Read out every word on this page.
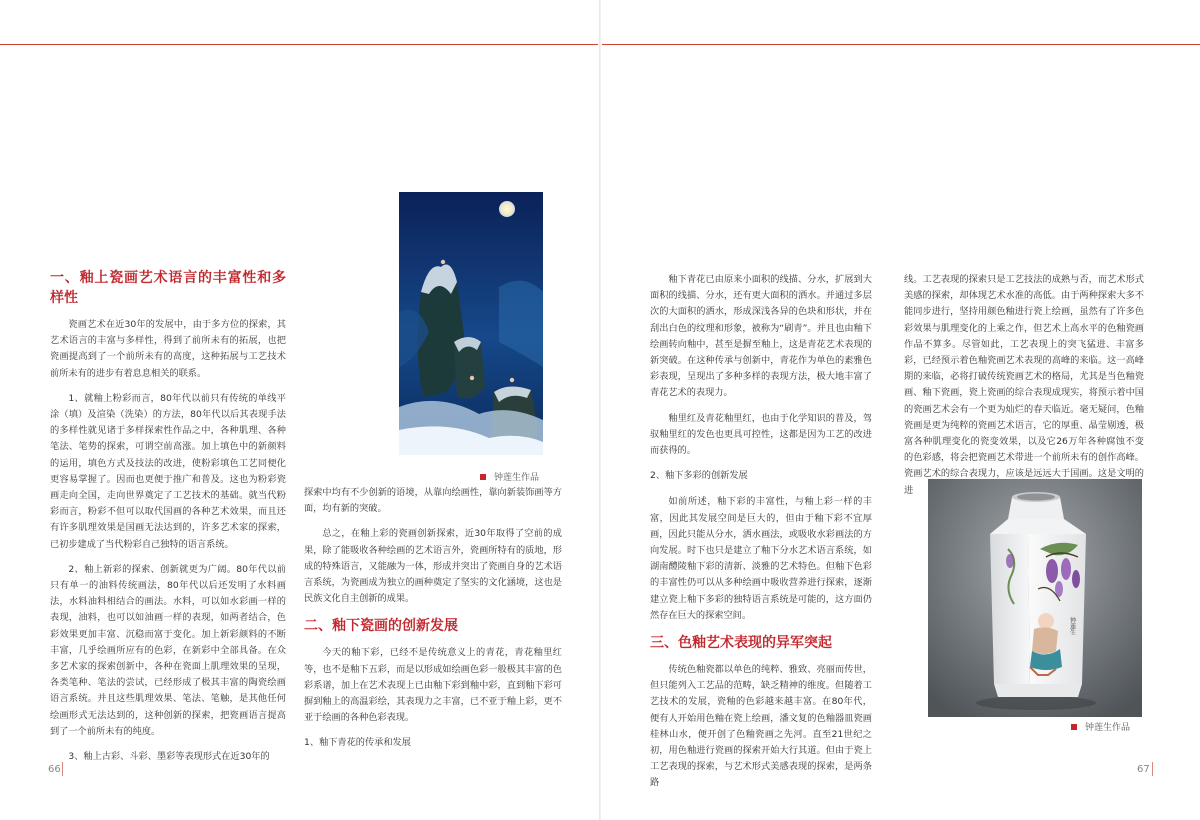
一、釉上瓷画艺术语言的丰富性和多样性

瓷画艺术在近30年的发展中，由于多方位的探索，其艺术语言的丰富与多样性，得到了前所未有的拓展，也把瓷画提高到了一个前所未有的高度，这种拓展与工艺技术前所未有的进步有着息息相关的联系。

1、就釉上粉彩而言，80年代以前只有传统的单线平涂（填）及渲染（洗染）的方法，80年代以后其表现手法的多样性就见诸于多样探索性作品之中，各种肌理、各种笔法、笔势的探索，可谓空前高涨。加上填色中的新颜料的运用，填色方式及技法的改进，使粉彩填色工艺同便化更容易掌握了。因而也更便于推广和普及。这也为粉彩瓷画走向全国，走向世界奠定了工艺技术的基础。就当代粉彩而言，粉彩不但可以取代国画的各种艺术效果，而且还有许多肌理效果是国画无法达到的，许多艺术家的探索，已初步建成了当代粉彩自己独特的语言系统。

2、釉上新彩的探索、创新就更为广阔。80年代以前只有单一的油料传统画法，80年代以后还发明了水料画法，水料油料相结合的画法。水料，可以如水彩画一样的表现，油料，也可以如油画一样的表现，如两者结合，色彩效果更加丰富、沉稳而富于变化。加上新彩颜料的不断丰富，几乎绘画所应有的色彩，在新彩中全部具备。在众多艺术家的探索创新中，各种在瓷面上肌理效果的呈现，各类笔种、笔法的尝试，已经形成了极其丰富的陶瓷绘画语言系统。并且这些肌理效果、笔法、笔触，是其他任何绘画形式无法达到的，这种创新的探索，把瓷画语言提高到了一个前所未有的纯度。

3、釉上古彩、斗彩、墨彩等表现形式在近30年的

钟莲生作品

探索中均有不少创新的语境，从靠向绘画性，靠向新装饰画等方面，均有新的突破。

总之，在釉上彩的瓷画创新探索，近30年取得了空前的成果，除了能吸收各种绘画的艺术语言外，瓷画所特有的质地，形成的特殊语言，又能融为一体，形成并突出了瓷画自身的艺术语言系统，为瓷画成为独立的画种奠定了坚实的文化涵境，这也是民族文化自主创新的成果。

二、釉下瓷画的创新发展

今天的釉下彩，已经不是传统意义上的青花，青花釉里红等，也不是釉下五彩，而是以形成如绘画色彩一般极其丰富的色彩系谱，加上在艺术表现上已由釉下彩到釉中彩，直到釉下彩可摒到釉上的高温彩绘，其表现力之丰富，已不亚于釉上彩，更不亚于绘画的各种色彩表现。

1、釉下青花的传承和发展

66

釉下青花已由原来小面积的线描、分水，扩展到大面积的线描、分水，还有更大面积的洒水。并通过多层次的大面积的洒水，形成深浅各异的色块和形状，并在刮出白色的纹理和形象，被称为“刷青”。并且也由釉下绘画转向釉中，甚至是摒至釉上，这是青花艺术表现的新突破。在这种传承与创新中，青花作为单色的素雅色彩表现，呈现出了多种多样的表现方法，极大地丰富了青花艺术的表现力。

釉里红及青花釉里红，也由于化学知识的普及，驾驭釉里红的发色也更具可控性，这都是因为工艺的改进而获得的。

2、釉下多彩的创新发展

如前所述，釉下彩的丰富性，与釉上彩一样的丰富，因此其发展空间是巨大的，但由于釉下彩不宜厚画，因此只能从分水，洒水画法，或吸收水彩画法的方向发展。时下也只是建立了釉下分水艺术语言系统，如湖南醴陵釉下彩的清新、淡雅的艺术特色。但釉下色彩的丰富性仍可以从多种绘画中吸收营养进行探索，逐渐建立瓷上釉下多彩的独特语言系统是可能的，这方面仍然存在巨大的探索空间。

三、色釉艺术表现的异军突起

传统色釉瓷都以单色的纯粹、雅致、亮丽而传世，但只能列入工艺品的范畴，缺乏精神的维度。但随着工艺技术的发展，瓷釉的色彩越来越丰富。在80年代，便有人开始用色釉在瓷上绘画，潘文复的色釉器皿瓷画桂林山水，便开创了色釉瓷画之先河。直至21世纪之初，用色釉进行瓷画的探索开始大行其道。但由于瓷上工艺表现的探索，与艺术形式美感表现的探索，是两条路

线。工艺表现的探索只是工艺技法的成熟与否，而艺术形式美感的探索，却体现艺术水准的高低。由于两种探索大多不能同步进行，坚持用颜色釉进行瓷上绘画，虽然有了许多色彩效果与肌理变化的上乘之作，但艺术上高水平的色釉瓷画作品不算多。尽管如此，工艺表现上的突飞猛进、丰富多彩，已经预示着色釉瓷画艺术表现的高峰的来临。这一高峰期的来临，必将打破传统瓷画艺术的格局，尤其是当色釉瓷画、釉下瓷画，瓷上瓷画的综合表现成现实，将预示着中国的瓷画艺术会有一个更为灿烂的春天临近。毫无疑问，色釉瓷画是更为纯粹的瓷画艺术语言，它的厚重、晶莹剔透，极富各种肌理变化的瓷变效果，以及它26万年各种腐蚀不变的色彩感，将会把瓷画艺术带进一个前所未有的创作高峰。瓷画艺术的综合表现力，应该是远远大于国画。这是文明的进

钟莲生
钟莲生作品
67
